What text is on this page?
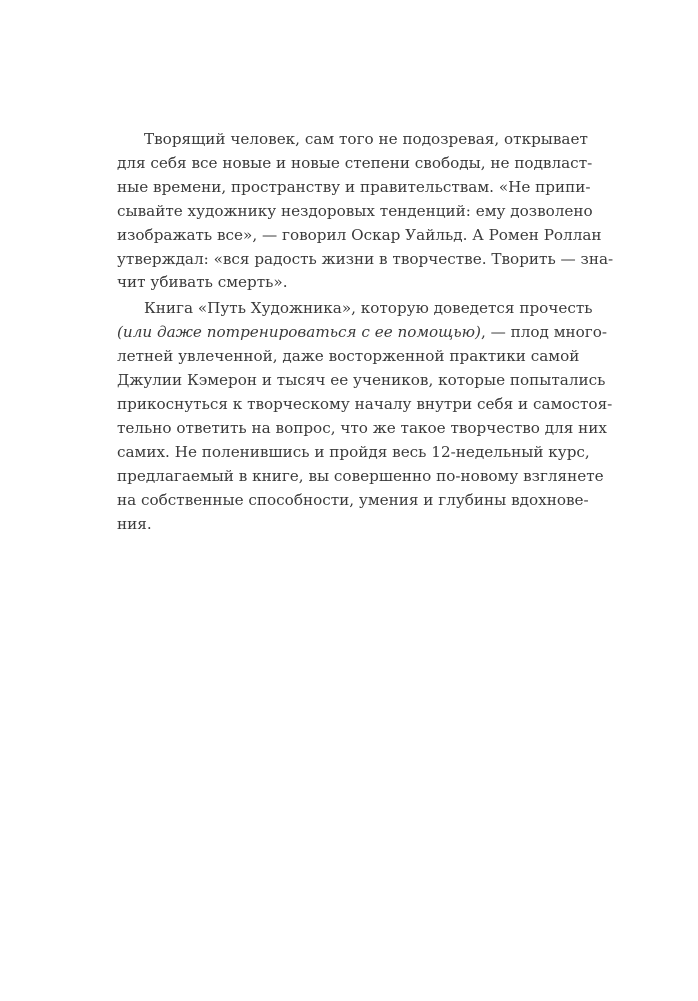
Творящий человек, сам того не подозревая, открывает
для себя все новые и новые степени свободы, не подвласт-
ные времени, пространству и правительствам. «Не припи-
сывайте художнику нездоровых тенденций: ему дозволено
изображать все», — говорил Оскар Уайльд. А Ромен Роллан
утверждал: «вся радость жизни в творчестве. Творить — зна-
чит убивать смерть».
Книга «Путь Художника», которую доведется прочесть
(или даже потренироваться с ее помощью), — плод много-
летней увлеченной, даже восторженной практики самой
Джулии Кэмерон и тысяч ее учеников, которые попытались
прикоснуться к творческому началу внутри себя и самостоя-
тельно ответить на вопрос, что же такое творчество для них
самих. Не поленившись и пройдя весь 12-недельный курс,
предлагаемый в книге, вы совершенно по-новому взглянете
на собственные способности, умения и глубины вдохнове-
ния.
